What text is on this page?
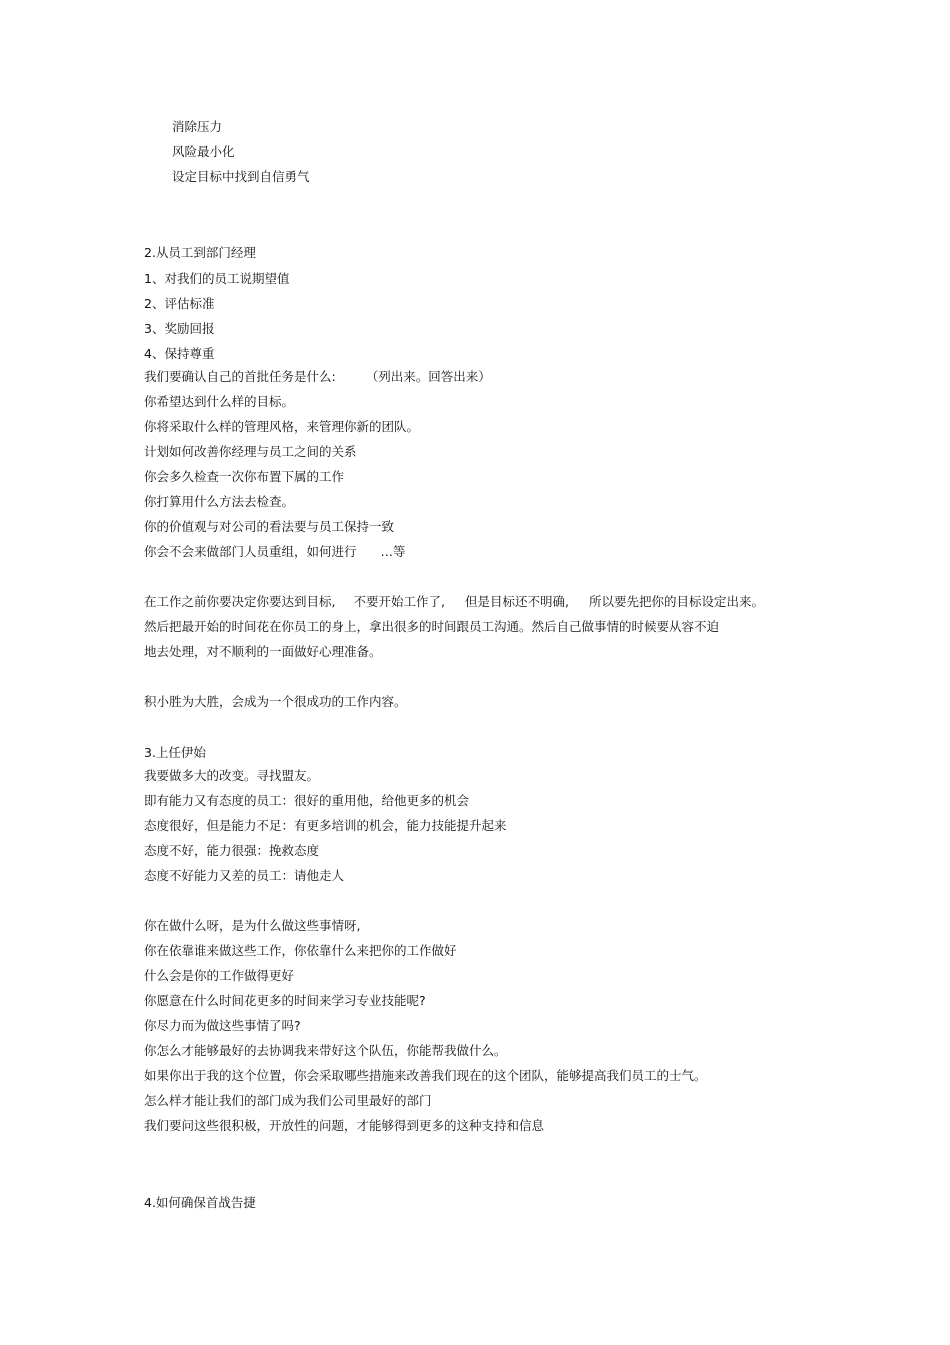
消除压力
风险最小化
设定目标中找到自信勇气
2.从员工到部门经理
1、对我们的员工说期望值
2、评估标准
3、奖励回报
4、保持尊重
我们要确认自己的首批任务是什么: （列出来。回答出来）
你希望达到什么样的目标。
你将采取什么样的管理风格，来管理你新的团队。
计划如何改善你经理与员工之间的关系
你会多久检查一次你布置下属的工作
你打算用什么方法去检查。
你的价值观与对公司的看法要与员工保持一致
你会不会来做部门人员重组，如何进行 …等
在工作之前你要决定你要达到目标, 不要开始工作了, 但是目标还不明确, 所以要先把你的目标设定出来。
然后把最开始的时间花在你员工的身上，拿出很多的时间跟员工沟通。然后自己做事情的时候要从容不迫
地去处理，对不顺利的一面做好心理准备。
积小胜为大胜，会成为一个很成功的工作内容。
3.上任伊始
我要做多大的改变。寻找盟友。
即有能力又有态度的员工：很好的重用他，给他更多的机会
态度很好，但是能力不足：有更多培训的机会，能力技能提升起来
态度不好，能力很强：挽救态度
态度不好能力又差的员工：请他走人
你在做什么呀，是为什么做这些事情呀,
你在依靠谁来做这些工作，你依靠什么来把你的工作做好
什么会是你的工作做得更好
你愿意在什么时间花更多的时间来学习专业技能呢?
你尽力而为做这些事情了吗?
你怎么才能够最好的去协调我来带好这个队伍，你能帮我做什么。
如果你出于我的这个位置，你会采取哪些措施来改善我们现在的这个团队，能够提高我们员工的士气。
怎么样才能让我们的部门成为我们公司里最好的部门
我们要问这些很积极，开放性的问题，才能够得到更多的这种支持和信息
4.如何确保首战告捷
